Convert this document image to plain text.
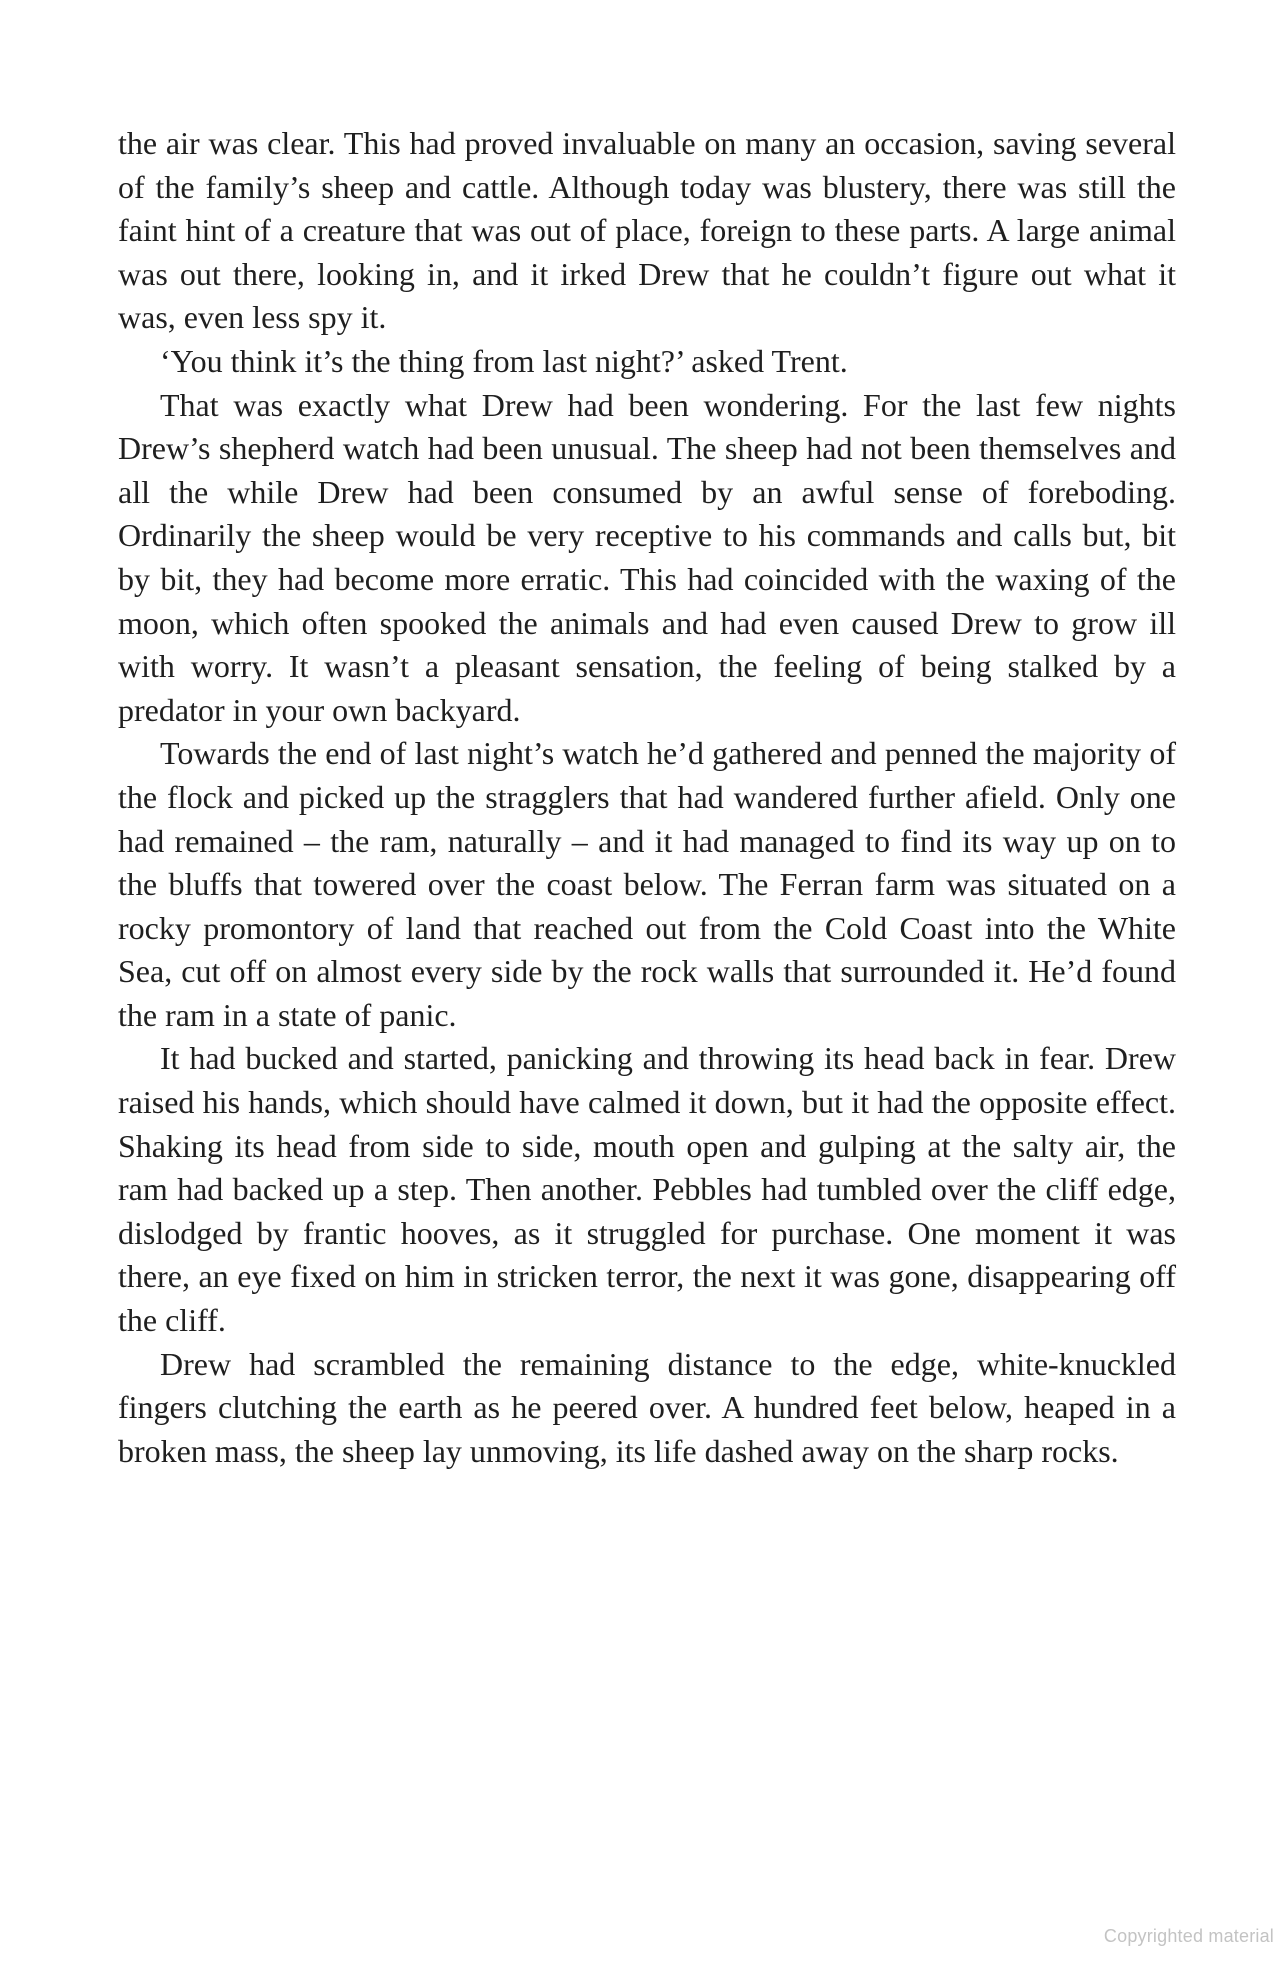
the air was clear. This had proved invaluable on many an occasion, saving several of the family’s sheep and cattle. Although today was blustery, there was still the faint hint of a creature that was out of place, foreign to these parts. A large animal was out there, looking in, and it irked Drew that he couldn’t figure out what it was, even less spy it.

‘You think it’s the thing from last night?’ asked Trent.

That was exactly what Drew had been wondering. For the last few nights Drew’s shepherd watch had been unusual. The sheep had not been themselves and all the while Drew had been consumed by an awful sense of foreboding. Ordinarily the sheep would be very receptive to his commands and calls but, bit by bit, they had become more erratic. This had coincided with the waxing of the moon, which often spooked the animals and had even caused Drew to grow ill with worry. It wasn’t a pleasant sensation, the feeling of being stalked by a predator in your own backyard.

Towards the end of last night’s watch he’d gathered and penned the majority of the flock and picked up the stragglers that had wandered further afield. Only one had remained – the ram, naturally – and it had managed to find its way up on to the bluffs that towered over the coast below. The Ferran farm was situated on a rocky promontory of land that reached out from the Cold Coast into the White Sea, cut off on almost every side by the rock walls that surrounded it. He’d found the ram in a state of panic.

It had bucked and started, panicking and throwing its head back in fear. Drew raised his hands, which should have calmed it down, but it had the opposite effect. Shaking its head from side to side, mouth open and gulping at the salty air, the ram had backed up a step. Then another. Pebbles had tumbled over the cliff edge, dislodged by frantic hooves, as it struggled for purchase. One moment it was there, an eye fixed on him in stricken terror, the next it was gone, disappearing off the cliff.

Drew had scrambled the remaining distance to the edge, white-knuckled fingers clutching the earth as he peered over. A hundred feet below, heaped in a broken mass, the sheep lay unmoving, its life dashed away on the sharp rocks.

Copyrighted material
